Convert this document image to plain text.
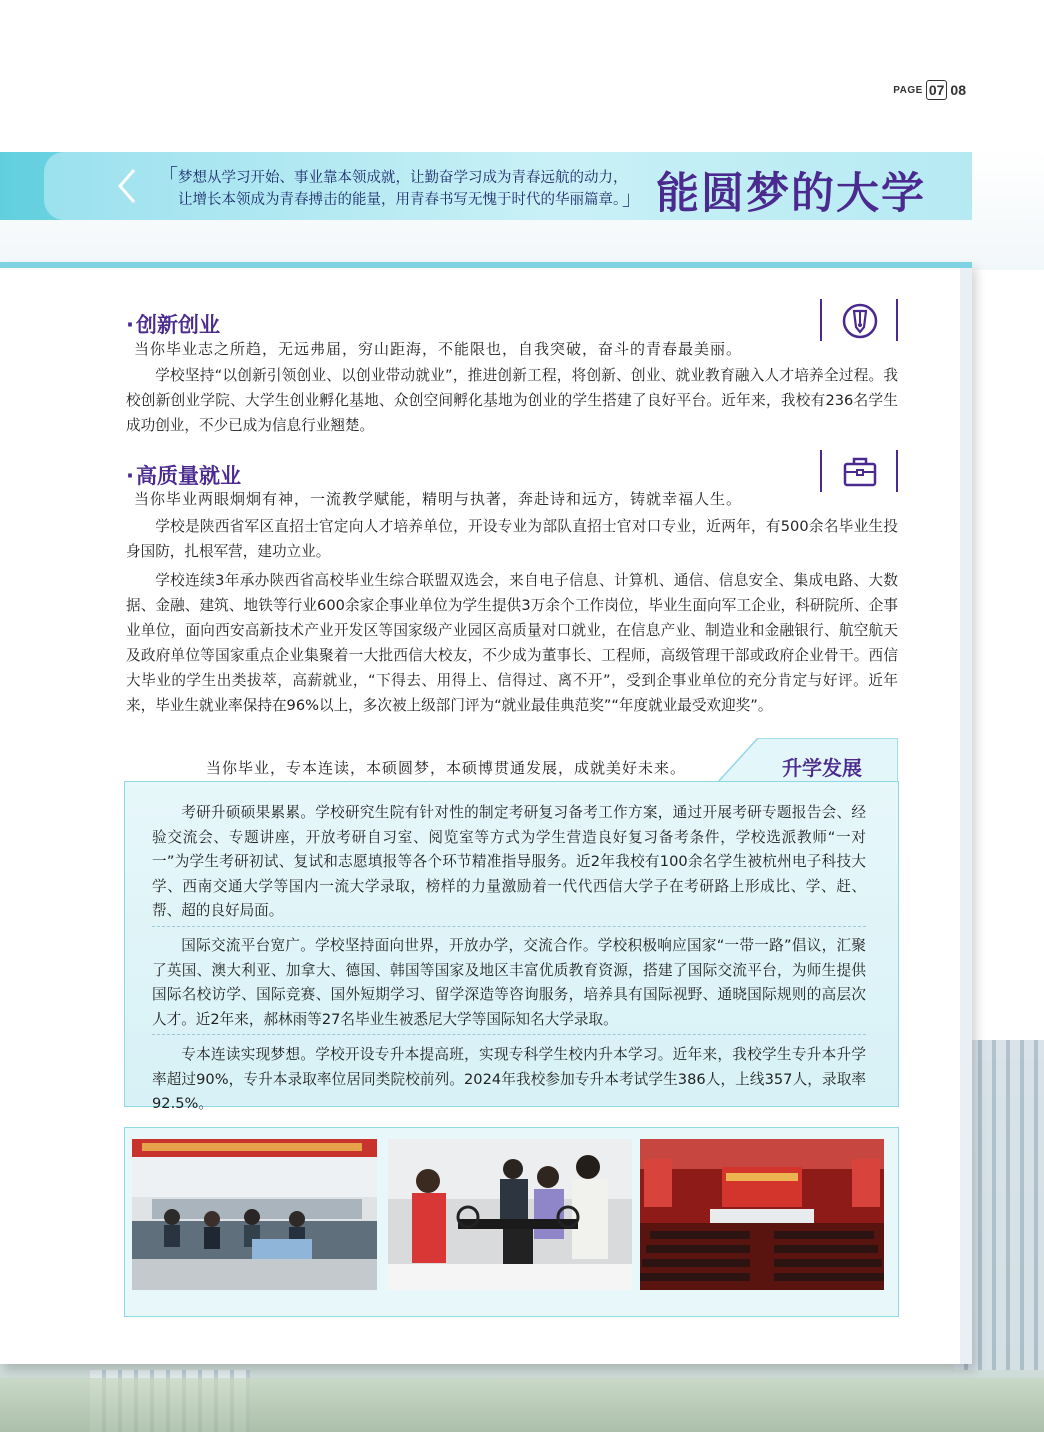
PAGE 07 08
「 梦想从学习开始、事业靠本领成就，让勤奋学习成为青春远航的动力，
让增长本领成为青春搏击的能量，用青春书写无愧于时代的华丽篇章。
」 能圆梦的大学
·创新创业
当你毕业志之所趋，无远弗届，穷山距海，不能限也，自我突破，奋斗的青春最美丽。
学校坚持“以创新引领创业、以创业带动就业”，推进创新工程，将创新、创业、就业教育融入人才培养全过程。我校创新创业学院、大学生创业孵化基地、众创空间孵化基地为创业的学生搭建了良好平台。近年来，我校有236名学生成功创业，不少已成为信息行业翘楚。
·高质量就业
当你毕业两眼炯炯有神，一流教学赋能，精明与执著，奔赴诗和远方，铸就幸福人生。
学校是陕西省军区直招士官定向人才培养单位，开设专业为部队直招士官对口专业，近两年，有500余名毕业生投身国防，扎根军营，建功立业。
学校连续3年承办陕西省高校毕业生综合联盟双选会，来自电子信息、计算机、通信、信息安全、集成电路、大数据、金融、建筑、地铁等行业600余家企事业单位为学生提供3万余个工作岗位，毕业生面向军工企业，科研院所、企事业单位，面向西安高新技术产业开发区等国家级产业园区高质量对口就业，在信息产业、制造业和金融银行、航空航天及政府单位等国家重点企业集聚着一大批西信大校友，不少成为董事长、工程师，高级管理干部或政府企业骨干。西信大毕业的学生出类拔萃，高薪就业，“下得去、用得上、信得过、离不开”，受到企事业单位的充分肯定与好评。近年来，毕业生就业率保持在96%以上，多次被上级部门评为“就业最佳典范奖”“年度就业最受欢迎奖”。
当你毕业，专本连读，本硕圆梦，本硕博贯通发展，成就美好未来。	升学发展
考研升硕硕果累累。学校研究生院有针对性的制定考研复习备考工作方案，通过开展考研专题报告会、经验交流会、专题讲座，开放考研自习室、阅览室等方式为学生营造良好复习备考条件，学校选派教师“一对一”为学生考研初试、复试和志愿填报等各个环节精准指导服务。近2年我校有100余名学生被杭州电子科技大学、西南交通大学等国内一流大学录取，榜样的力量激励着一代代西信大学子在考研路上形成比、学、赶、帮、超的良好局面。
国际交流平台宽广。学校坚持面向世界，开放办学，交流合作。学校积极响应国家“一带一路”倡议，汇聚了英国、澳大利亚、加拿大、德国、韩国等国家及地区丰富优质教育资源，搭建了国际交流平台，为师生提供国际名校访学、国际竞赛、国外短期学习、留学深造等咨询服务，培养具有国际视野、通晓国际规则的高层次人才。近2年来，郝林雨等27名毕业生被悉尼大学等国际知名大学录取。
专本连读实现梦想。学校开设专升本提高班，实现专科学生校内升本学习。近年来，我校学生专升本升学率超过90%，专升本录取率位居同类院校前列。2024年我校参加专升本考试学生386人，上线357人，录取率92.5%。
